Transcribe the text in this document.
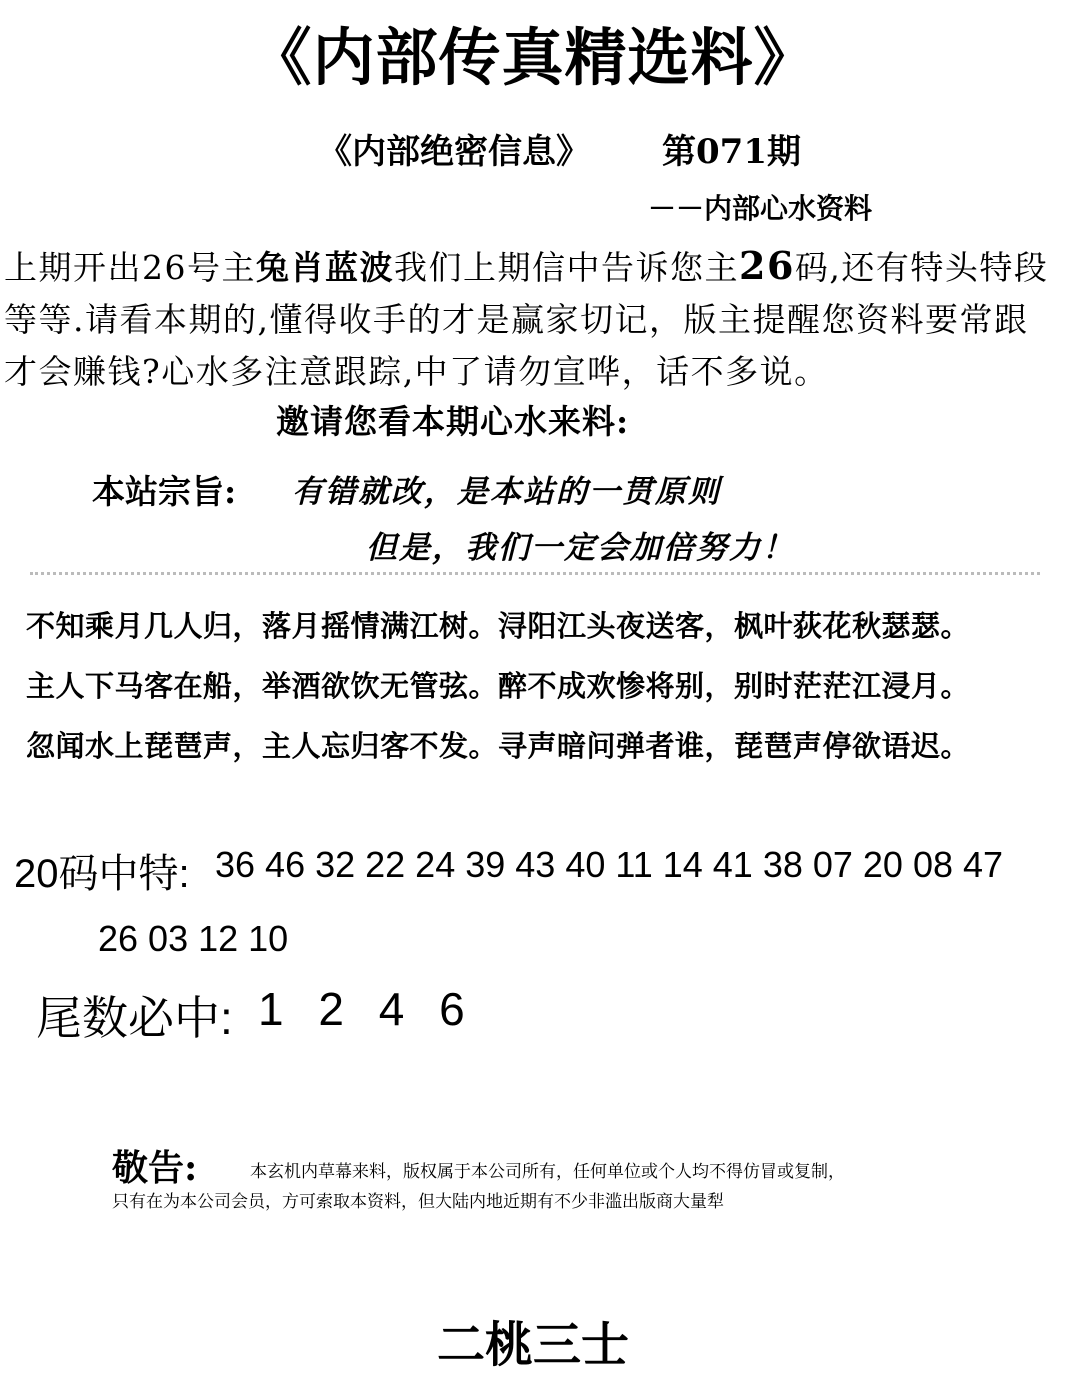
《内部传真精选料》
《内部绝密信息》 第071期
－－内部心水资料
上期开出26号主兔肖蓝波我们上期信中告诉您主26码,还有特头特段等等.请看本期的,懂得收手的才是赢家切记，版主提醒您资料要常跟才会赚钱?心水多注意跟踪,中了请勿宣哗，话不多说。
邀请您看本期心水来料:
本站宗旨: 有错就改，是本站的一贯原则
但是，我们一定会加倍努力！
不知乘月几人归，落月摇情满江树。浔阳江头夜送客，枫叶荻花秋瑟瑟。
主人下马客在船，举酒欲饮无管弦。醉不成欢惨将别，别时茫茫江浸月。
忽闻水上琵琶声，主人忘归客不发。寻声暗问弹者谁，琵琶声停欲语迟。
20码中特: 36 46 32 22 24 39 43 40 11 14 41 38 07 20 08 47
26 03 12 10
尾数必中: 1 2 4 6
敬告:	本玄机内草幕来料，版权属于本公司所有，任何单位或个人均不得仿冒或复制，
只有在为本公司会员，方可索取本资料，但大陆内地近期有不少非滥出版商大量犁
二桃三士
